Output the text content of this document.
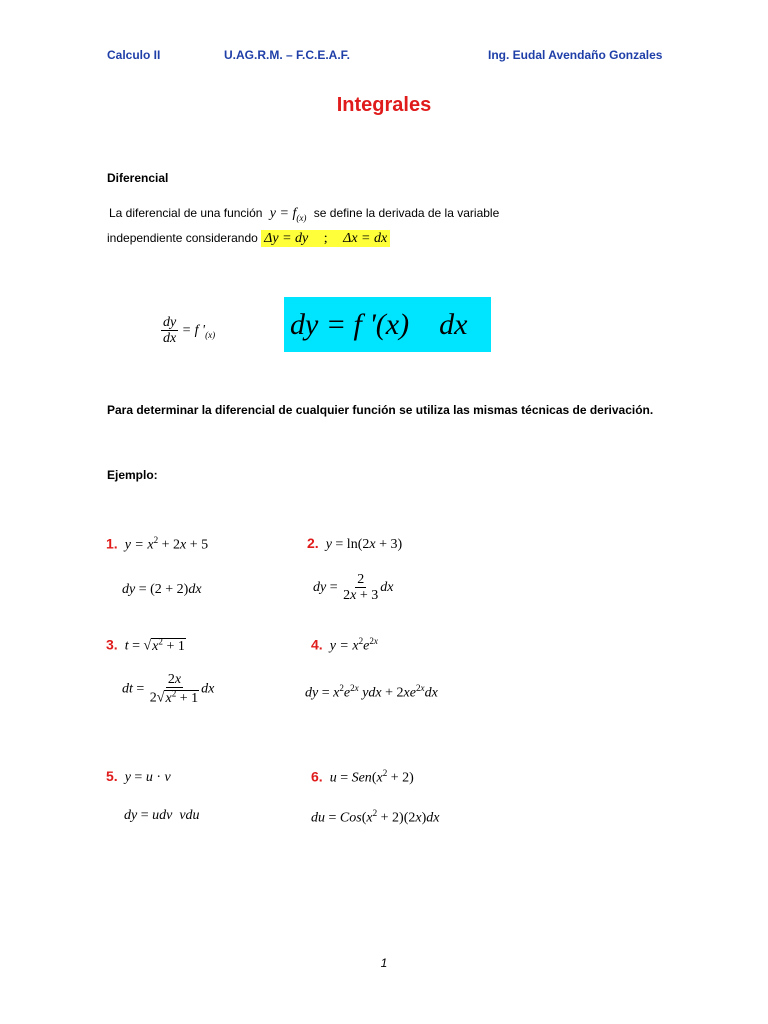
Calculo II	U.AG.R.M. – F.C.E.A.F.	Ing. Eudal Avendaño Gonzales
Integrales
Diferencial
La diferencial de una función $y = f_{(x)}$ se define la derivada de la variable
independiente considerando Δy = dy ; Δx = dx
$\frac{dy}{dx} = f$ '$_{(x)}$ dy = f '(x)    dx
Para determinar la diferencial de cualquier función se utiliza las mismas técnicas de derivación.
Ejemplo:
1.  $y = x^2 + 2x + 5$
dy = (2 + 2)dx
2.  y = ln(2x + 3)
dy = $\frac{2}{2x + 3}$ dx
3.  $t = √x^2 + 1$
dt = $\frac{2x}{2√x^2 + 1}$ dx
4.  $y = x^2e^{2x}$
dy = $x^2e^{2x}$ ydx + $2xe^{2x}dx$
5.  y = u · v
dy = udv  vdu
6.  $u = Sen(x^2 + 2)$
du = $Cos(x^2 + 2)(2x)dx$
1
